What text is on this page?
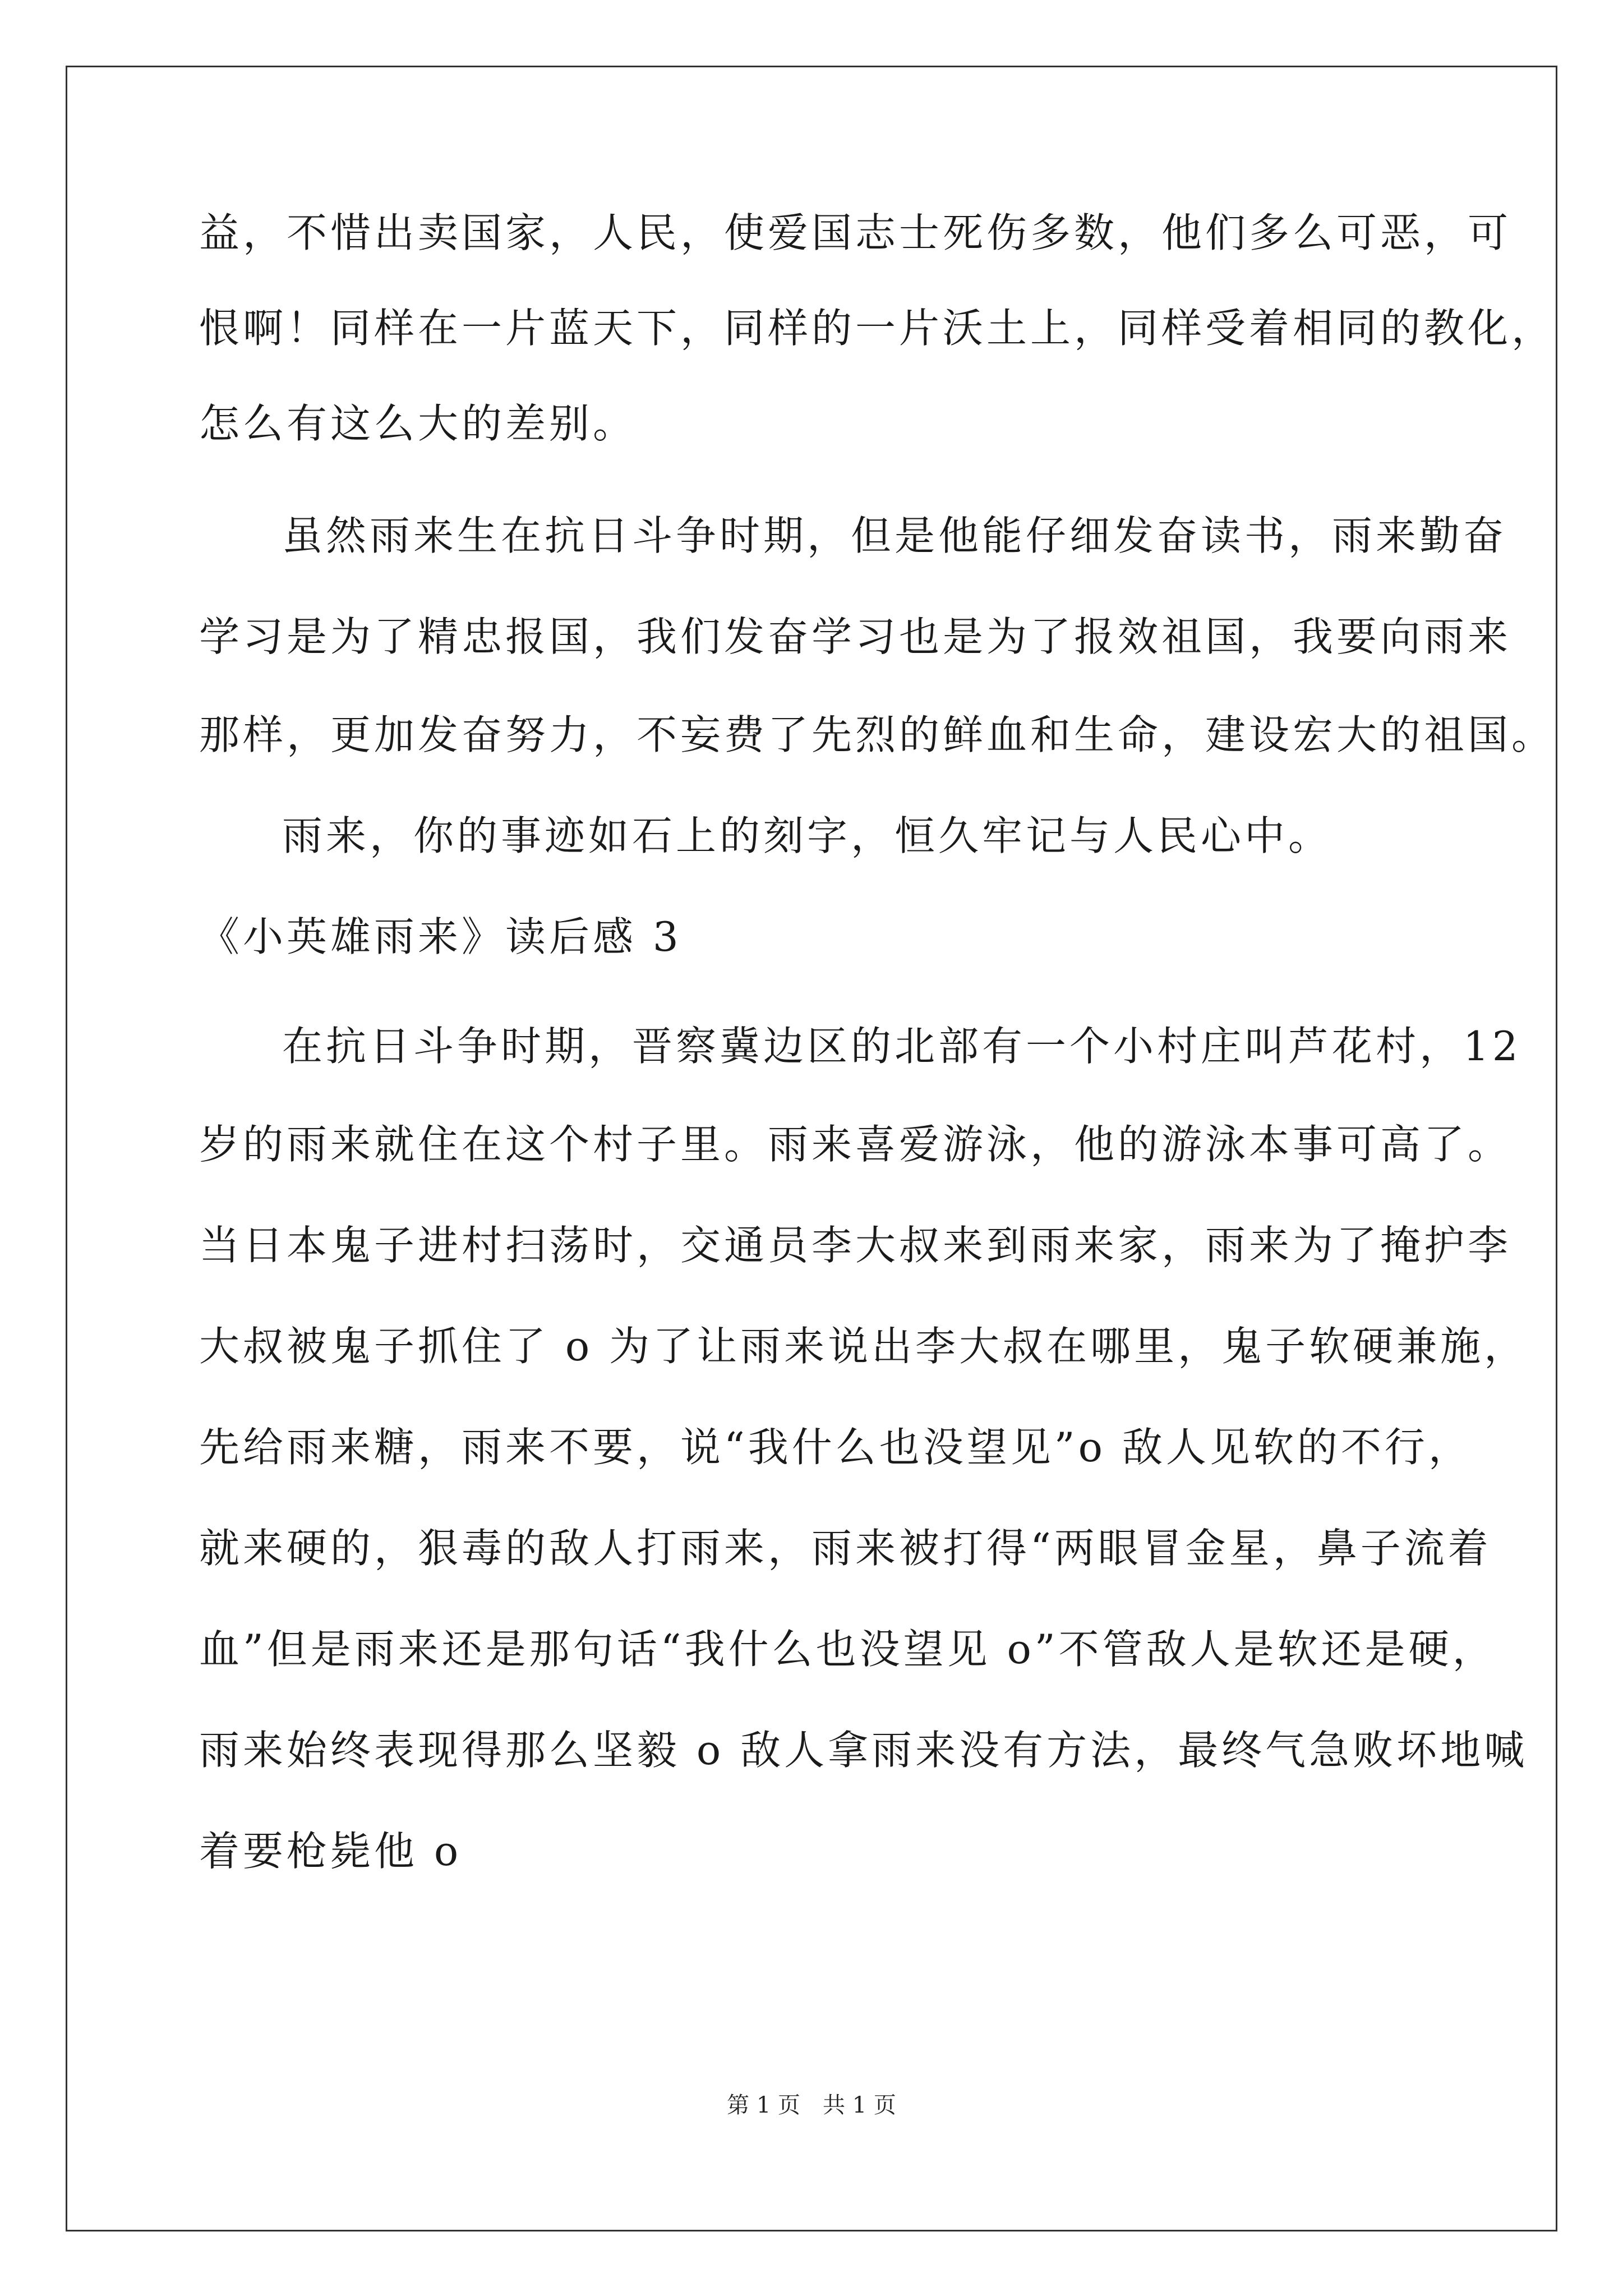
益，不惜出卖国家，人民，使爱国志士死伤多数，他们多么可恶，可
恨啊！同样在一片蓝天下，同样的一片沃土上，同样受着相同的教化，
怎么有这么大的差别。
虽然雨来生在抗日斗争时期，但是他能仔细发奋读书，雨来勤奋
学习是为了精忠报国，我们发奋学习也是为了报效祖国，我要向雨来
那样，更加发奋努力，不妄费了先烈的鲜血和生命，建设宏大的祖国。
雨来，你的事迹如石上的刻字，恒久牢记与人民心中。
《小英雄雨来》读后感 3
在抗日斗争时期，晋察冀边区的北部有一个小村庄叫芦花村，12
岁的雨来就住在这个村子里。雨来喜爱游泳，他的游泳本事可高了。
当日本鬼子进村扫荡时，交通员李大叔来到雨来家，雨来为了掩护李
大叔被鬼子抓住了 o 为了让雨来说出李大叔在哪里，鬼子软硬兼施，
先给雨来糖，雨来不要，说“我什么也没望见”o 敌人见软的不行，
就来硬的，狠毒的敌人打雨来，雨来被打得“两眼冒金星，鼻子流着
血”但是雨来还是那句话“我什么也没望见 o”不管敌人是软还是硬，
雨来始终表现得那么坚毅 o 敌人拿雨来没有方法，最终气急败坏地喊
着要枪毙他 o
第 1 页　共 1 页
